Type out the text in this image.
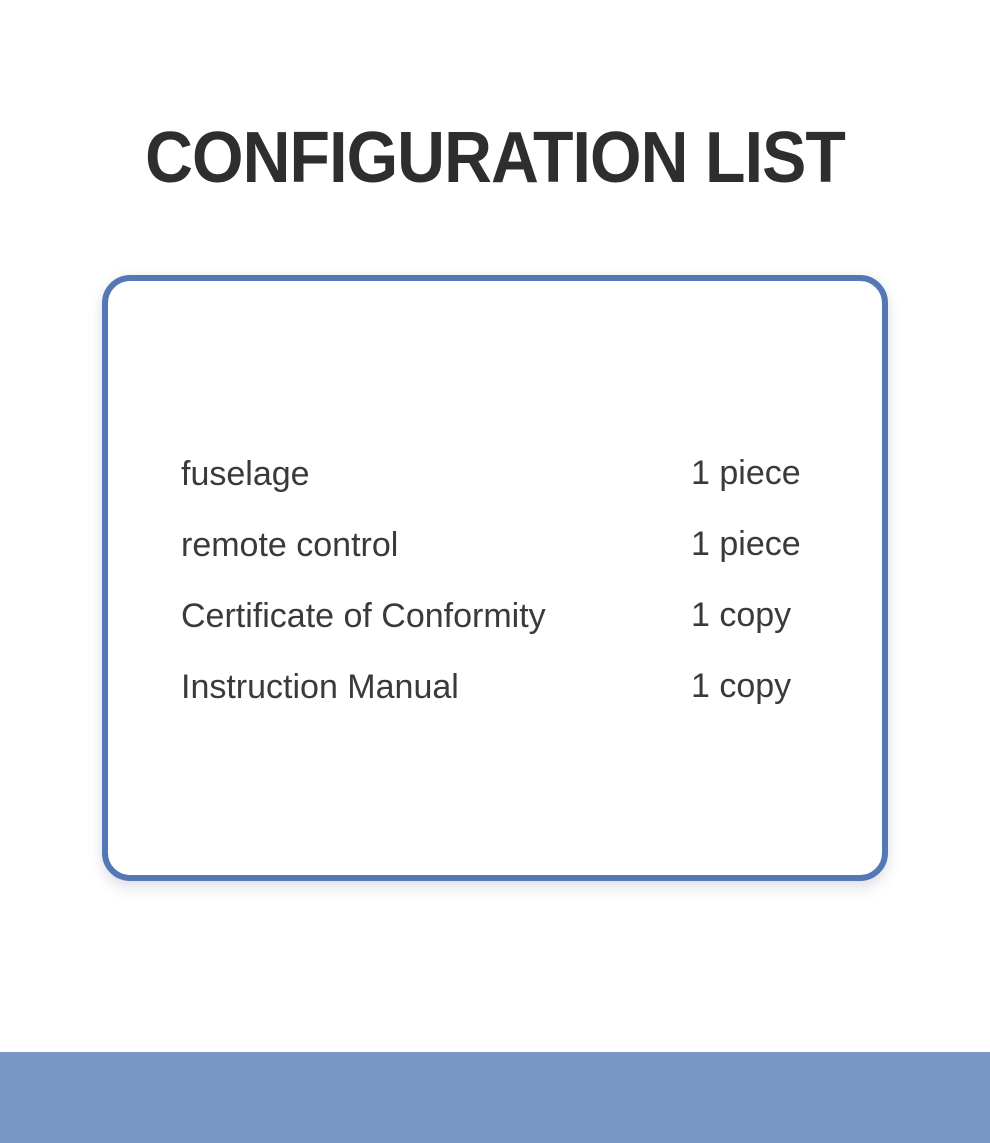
CONFIGURATION LIST
fuselage	1 piece
remote control	1 piece
Certificate of Conformity	1 copy
Instruction Manual	1 copy
